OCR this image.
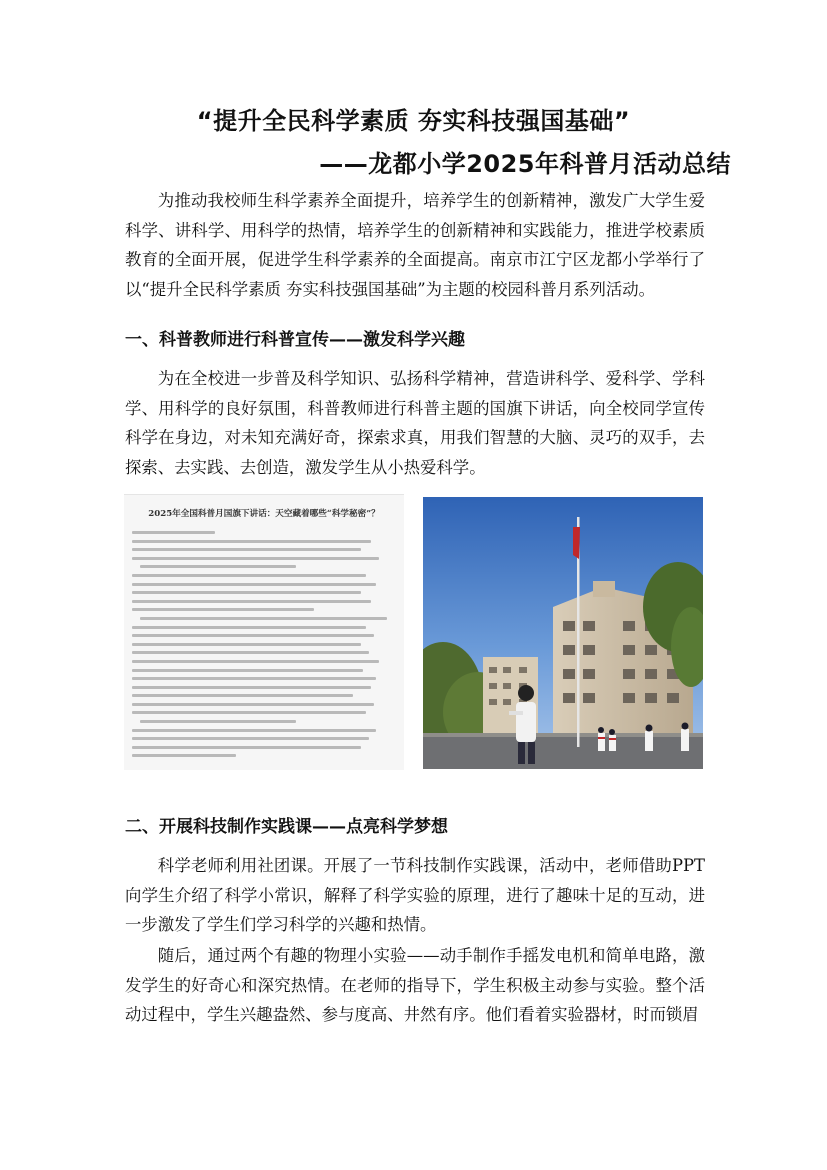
“提升全民科学素质 夯实科技强国基础”
——龙都小学2025年科普月活动总结

为推动我校师生科学素养全面提升，培养学生的创新精神，激发广大学生爱科学、讲科学、用科学的热情，培养学生的创新精神和实践能力，推进学校素质教育的全面开展，促进学生科学素养的全面提高。南京市江宁区龙都小学举行了以“提升全民科学素质 夯实科技强国基础”为主题的校园科普月系列活动。

一、科普教师进行科普宣传——激发科学兴趣

为在全校进一步普及科学知识、弘扬科学精神，营造讲科学、爱科学、学科学、用科学的良好氛围，科普教师进行科普主题的国旗下讲话，向全校同学宣传科学在身边，对未知充满好奇，探索求真，用我们智慧的大脑、灵巧的双手，去探索、去实践、去创造，激发学生从小热爱科学。

2025年全国科普月国旗下讲话：天空藏着哪些“科学秘密”？
二、开展科技制作实践课——点亮科学梦想

科学老师利用社团课。开展了一节科技制作实践课，活动中，老师借助PPT向学生介绍了科学小常识，解释了科学实验的原理，进行了趣味十足的互动，进一步激发了学生们学习科学的兴趣和热情。

随后，通过两个有趣的物理小实验——动手制作手摇发电机和简单电路，激发学生的好奇心和深究热情。在老师的指导下，学生积极主动参与实验。整个活动过程中，学生兴趣盎然、参与度高、井然有序。他们看着实验器材，时而锁眉
